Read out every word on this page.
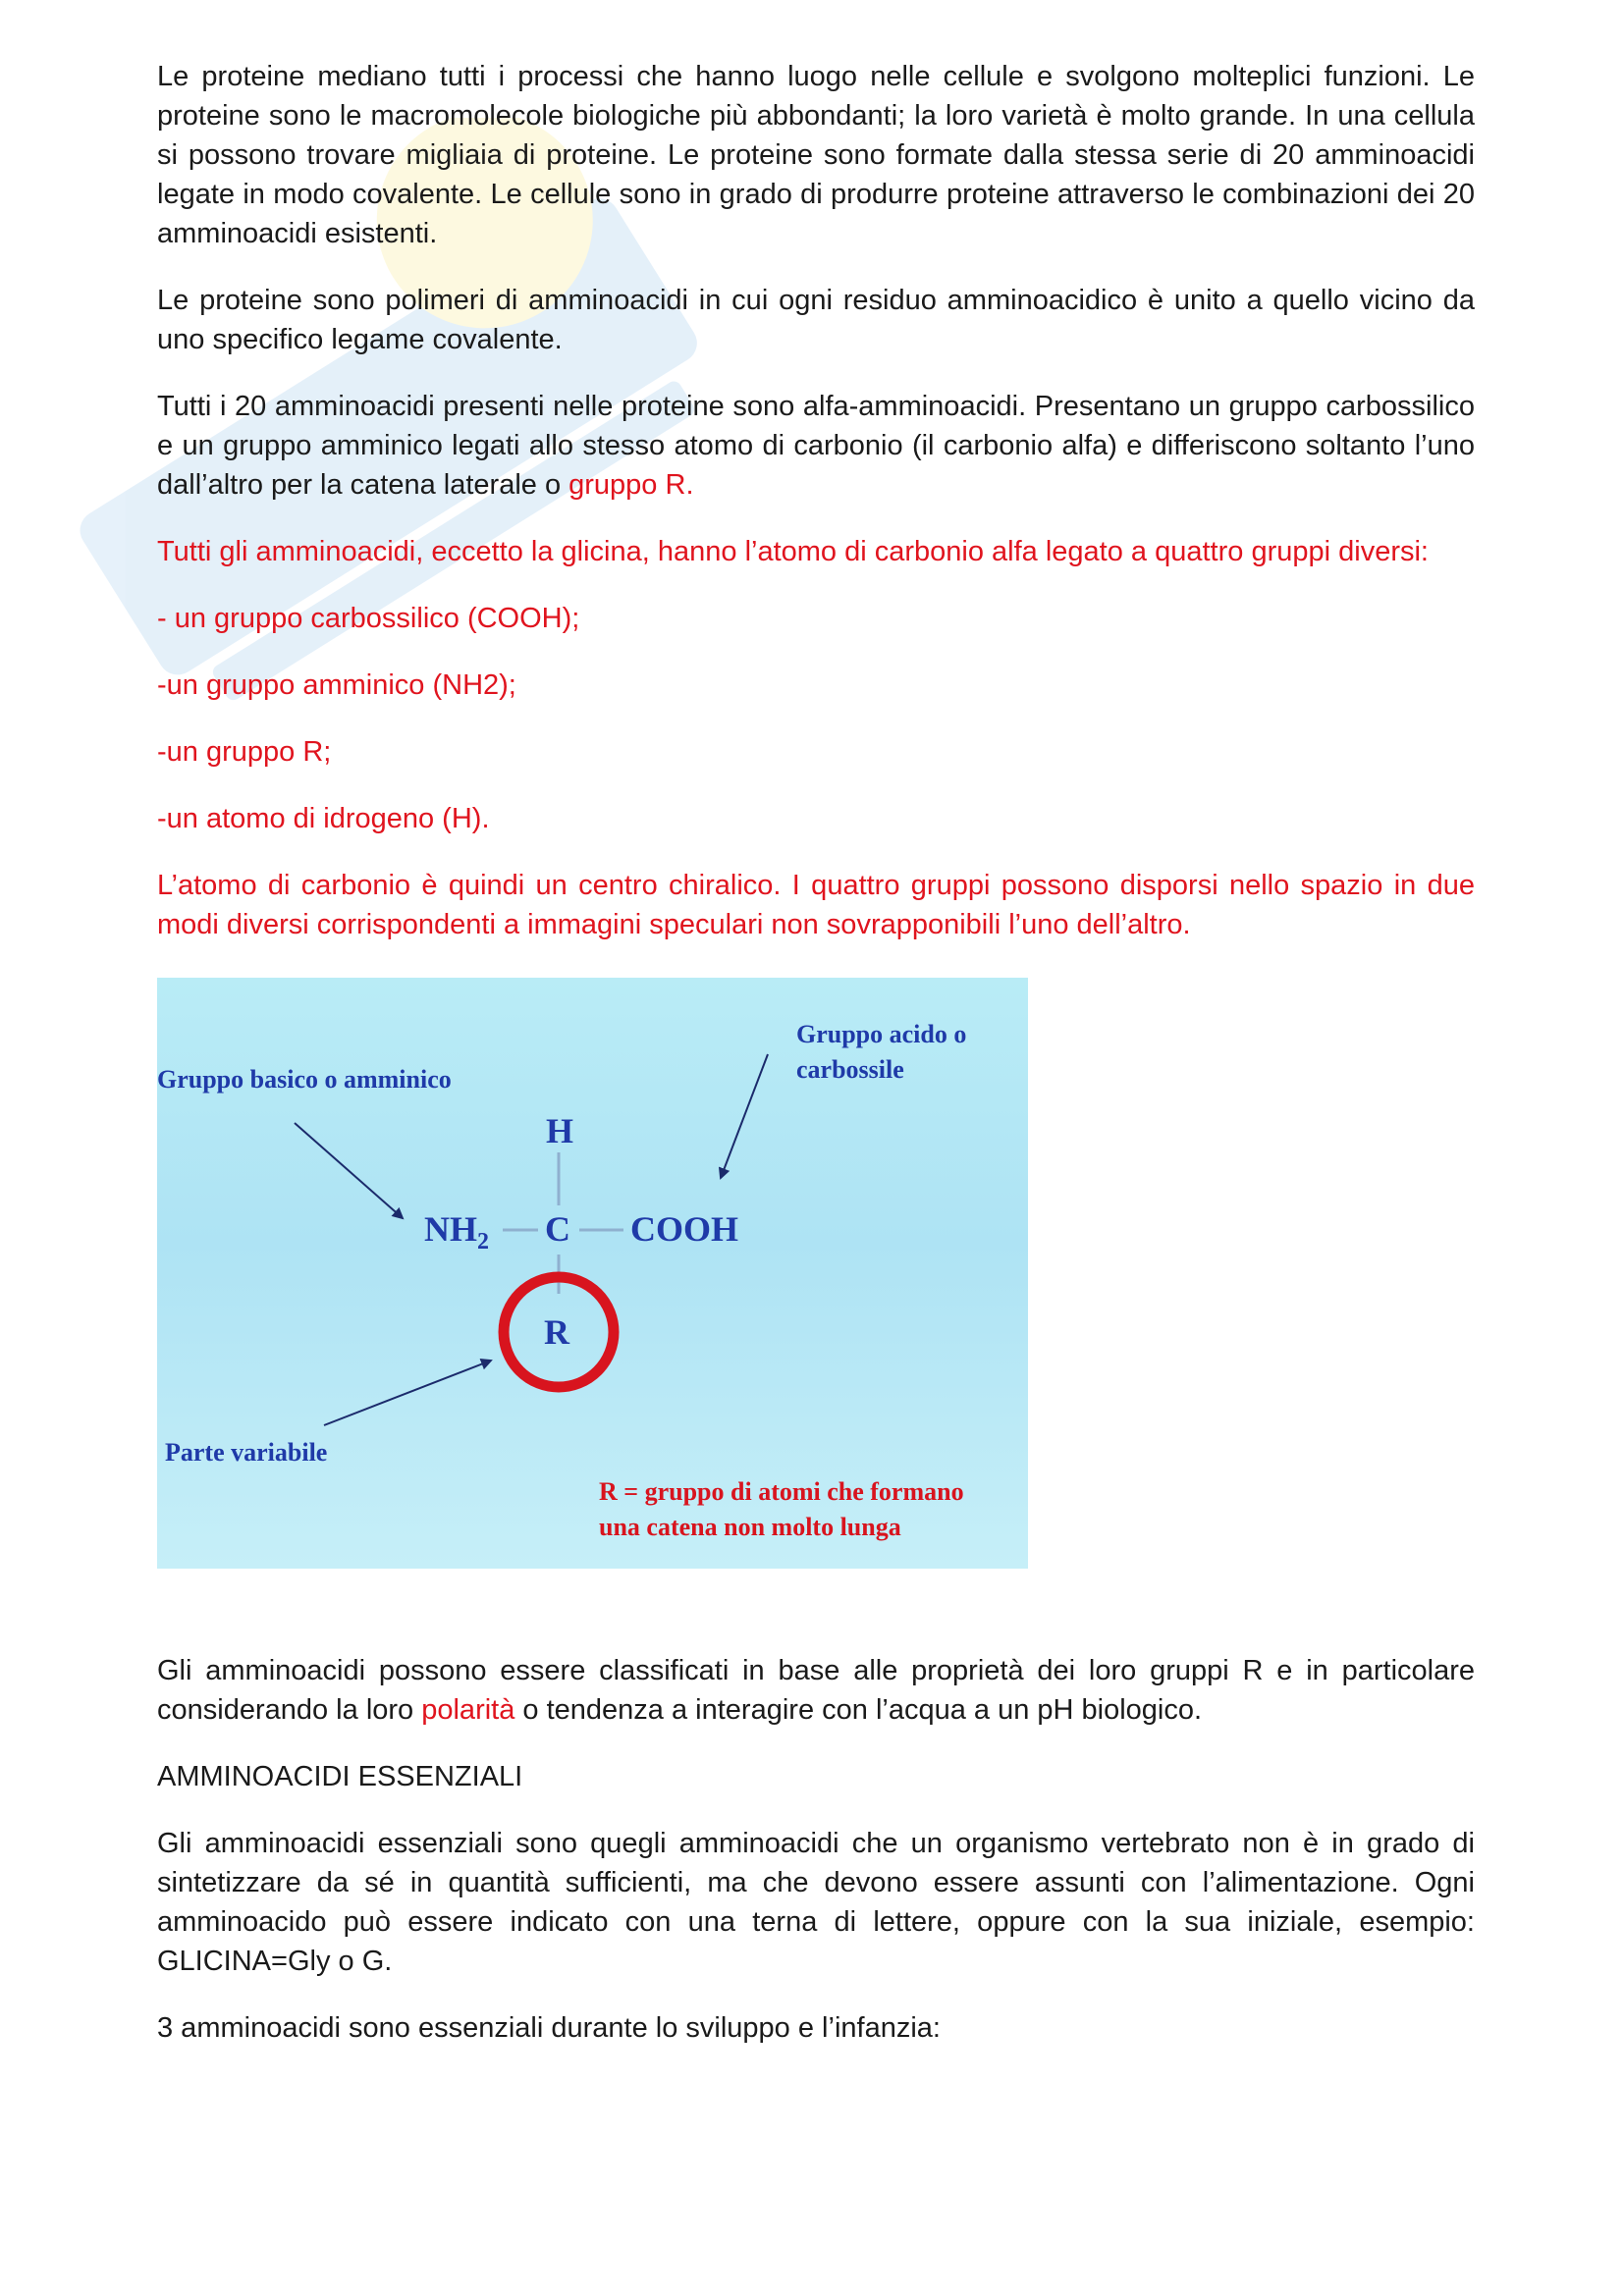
Le proteine mediano tutti i processi che hanno luogo nelle cellule e svolgono molteplici funzioni. Le proteine sono le macromolecole biologiche più abbondanti; la loro varietà è molto grande. In una cellula si possono trovare migliaia di proteine. Le proteine sono formate dalla stessa serie di 20 amminoacidi legate in modo covalente. Le cellule sono in grado di produrre proteine attraverso le combinazioni dei 20 amminoacidi esistenti.

Le proteine sono polimeri di amminoacidi in cui ogni residuo amminoacidico è unito a quello vicino da uno specifico legame covalente.

Tutti i 20 amminoacidi presenti nelle proteine sono alfa-amminoacidi. Presentano un gruppo carbossilico e un gruppo amminico legati allo stesso atomo di carbonio (il carbonio alfa) e differiscono soltanto l’uno dall’altro per la catena laterale o gruppo R.

Tutti gli amminoacidi, eccetto la glicina, hanno l’atomo di carbonio alfa legato a quattro gruppi diversi:

- un gruppo carbossilico (COOH);

-un gruppo amminico (NH2);

-un gruppo R;

-un atomo di idrogeno (H).

L’atomo di carbonio è quindi un centro chiralico. I quattro gruppi possono disporsi nello spazio in due modi diversi corrispondenti a immagini speculari non sovrapponibili l’uno dell’altro.

Gruppo basico o amminico
Gruppo acido o
carbossile
H
$NH_2$ C COOH
R
Parte variabile
R = gruppo di atomi che formano
una catena non molto lunga

Gli amminoacidi possono essere classificati in base alle proprietà dei loro gruppi R e in particolare considerando la loro polarità o tendenza a interagire con l’acqua a un pH biologico.

AMMINOACIDI ESSENZIALI

Gli amminoacidi essenziali sono quegli amminoacidi che un organismo vertebrato non è in grado di sintetizzare da sé in quantità sufficienti, ma che devono essere assunti con l’alimentazione. Ogni amminoacido può essere indicato con una terna di lettere, oppure con la sua iniziale, esempio: GLICINA=Gly o G.

3 amminoacidi sono essenziali durante lo sviluppo e l’infanzia:
